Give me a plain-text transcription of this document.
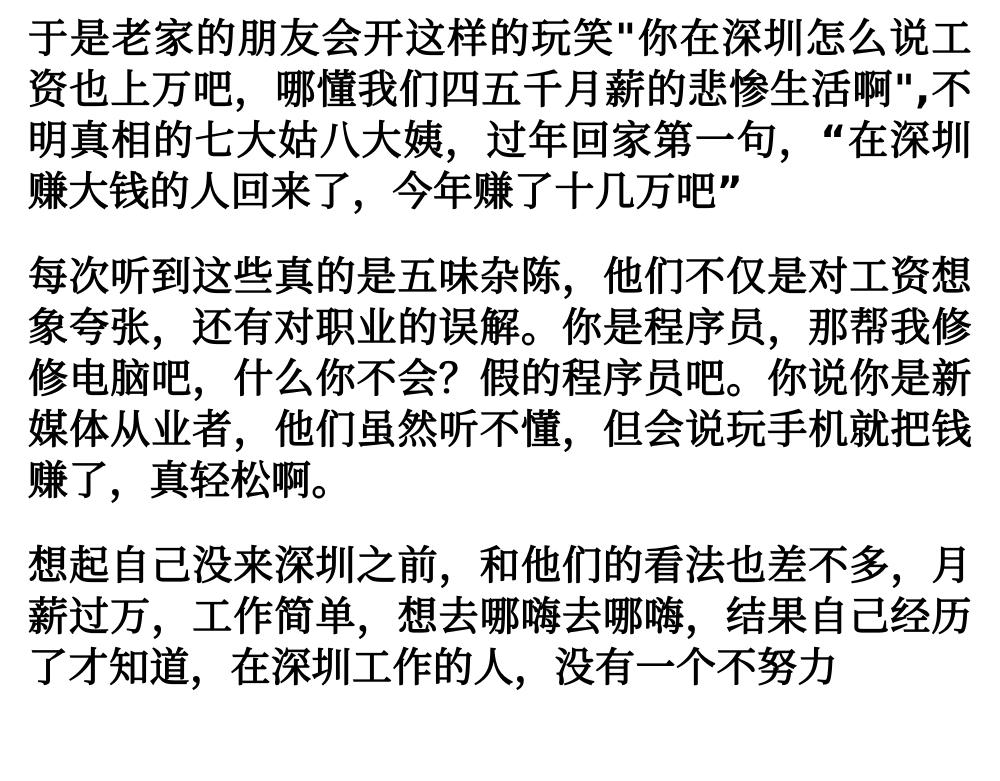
于是老家的朋友会开这样的玩笑"你在深圳怎么说工资也上万吧，哪懂我们四五千月薪的悲惨生活啊",不明真相的七大姑八大姨，过年回家第一句，“在深圳赚大钱的人回来了，今年赚了十几万吧”

每次听到这些真的是五味杂陈，他们不仅是对工资想象夸张，还有对职业的误解。你是程序员，那帮我修修电脑吧，什么你不会？假的程序员吧。你说你是新媒体从业者，他们虽然听不懂，但会说玩手机就把钱赚了，真轻松啊。

想起自己没来深圳之前，和他们的看法也差不多，月薪过万，工作简单，想去哪嗨去哪嗨，结果自己经历了才知道，在深圳工作的人，没有一个不努力
